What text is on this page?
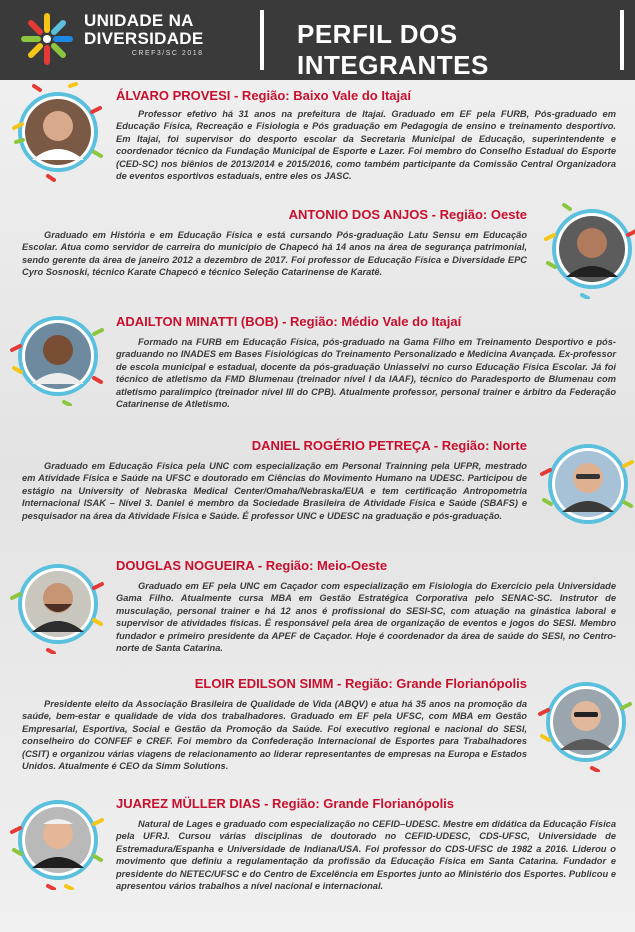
UNIDADE NA
DIVERSIDADE
CREF3/SC 2018
PERFIL DOS INTEGRANTES
ÁLVARO PROVESI - Região: Baixo Vale do Itajaí

Professor efetivo há 31 anos na prefeitura de Itajaí. Graduado em EF pela FURB, Pós-graduado em Educação Física, Recreação e Fisiologia e Pós graduação em Pedagogia de ensino e treinamento desportivo. Em Itajaí, foi supervisor do desporto escolar da Secretaria Municipal de Educação, superintendente e coordenador técnico da Fundação Municipal de Esporte e Lazer. Foi membro do Conselho Estadual do Esporte (CED-SC) nos biênios de 2013/2014 e 2015/2016, como também participante da Comissão Central Organizadora de eventos esportivos estaduais, entre eles os JASC.

ANTONIO DOS ANJOS - Região: Oeste

Graduado em História e em Educação Física e está cursando Pós-graduação Latu Sensu em Educação Escolar. Atua como servidor de carreira do município de Chapecó há 14 anos na área de segurança patrimonial, sendo gerente da área de janeiro 2012 a dezembro de 2017. Foi professor de Educação Física e Diversidade EPC Cyro Sosnoski, técnico Karate Chapecó e técnico Seleção Catarinense de Karatê.

ADAILTON MINATTI (BOB) - Região: Médio Vale do Itajaí

Formado na FURB em Educação Física, pós-graduado na Gama Filho em Treinamento Desportivo e pós-graduando no INADES em Bases Fisiológicas do Treinamento Personalizado e Medicina Avançada. Ex-professor de escola municipal e estadual, docente da pós-graduação Uniasselvi no curso Educação Física Escolar. Já foi técnico de atletismo da FMD Blumenau (treinador nível I da IAAF), técnico do Paradesporto de Blumenau com atletismo paralímpico (treinador nível III do CPB). Atualmente professor, personal trainer e árbitro da Federação Catarinense de Atletismo.

DANIEL ROGÉRIO PETREÇA - Região: Norte

Graduado em Educação Física pela UNC com especialização em Personal Trainning pela UFPR, mestrado em Atividade Física e Saúde na UFSC e doutorado em Ciências do Movimento Humano na UDESC. Participou de estágio na University of Nebraska Medical Center/Omaha/Nebraska/EUA e tem certificação Antropometria Internacional ISAK – Nível 3. Daniel é membro da Sociedade Brasileira de Atividade Física e Saúde (SBAFS) e pesquisador na área da Atividade Física e Saúde. É professor UNC e UDESC na graduação e pós-graduação.

DOUGLAS NOGUEIRA - Região: Meio-Oeste

Graduado em EF pela UNC em Caçador com especialização em Fisiologia do Exercício pela Universidade Gama Filho. Atualmente cursa MBA em Gestão Estratégica Corporativa pelo SENAC-SC. Instrutor de musculação, personal trainer e há 12 anos é profissional do SESI-SC, com atuação na ginástica laboral e supervisor de atividades físicas. É responsável pela área de organização de eventos e jogos do SESI. Membro fundador e primeiro presidente da APEF de Caçador. Hoje é coordenador da área de saúde do SESI, no Centro-norte de Santa Catarina.

ELOIR EDILSON SIMM - Região: Grande Florianópolis

Presidente eleito da Associação Brasileira de Qualidade de Vida (ABQV) e atua há 35 anos na promoção da saúde, bem-estar e qualidade de vida dos trabalhadores. Graduado em EF pela UFSC, com MBA em Gestão Empresarial, Esportiva, Social e Gestão da Promoção da Saúde. Foi executivo regional e nacional do SESI, conselheiro do CONFEF e CREF. Foi membro da Confederação Internacional de Esportes para Trabalhadores (CSIT) e organizou várias viagens de relacionamento ao liderar representantes de empresas na Europa e Estados Unidos. Atualmente é CEO da Simm Solutions.

JUAREZ MÜLLER DIAS - Região: Grande Florianópolis

Natural de Lages e graduado com especialização no CEFID–UDESC. Mestre em didática da Educação Física pela UFRJ. Cursou várias disciplinas de doutorado no CEFID-UDESC, CDS-UFSC, Universidade de Estremadura/Espanha e Universidade de Indiana/USA. Foi professor do CDS-UFSC de 1982 a 2016. Liderou o movimento que definiu a regulamentação da profissão da Educação Física em Santa Catarina. Fundador e presidente do NETEC/UFSC e do Centro de Excelência em Esportes junto ao Ministério dos Esportes. Publicou e apresentou vários trabalhos a nível nacional e internacional.
